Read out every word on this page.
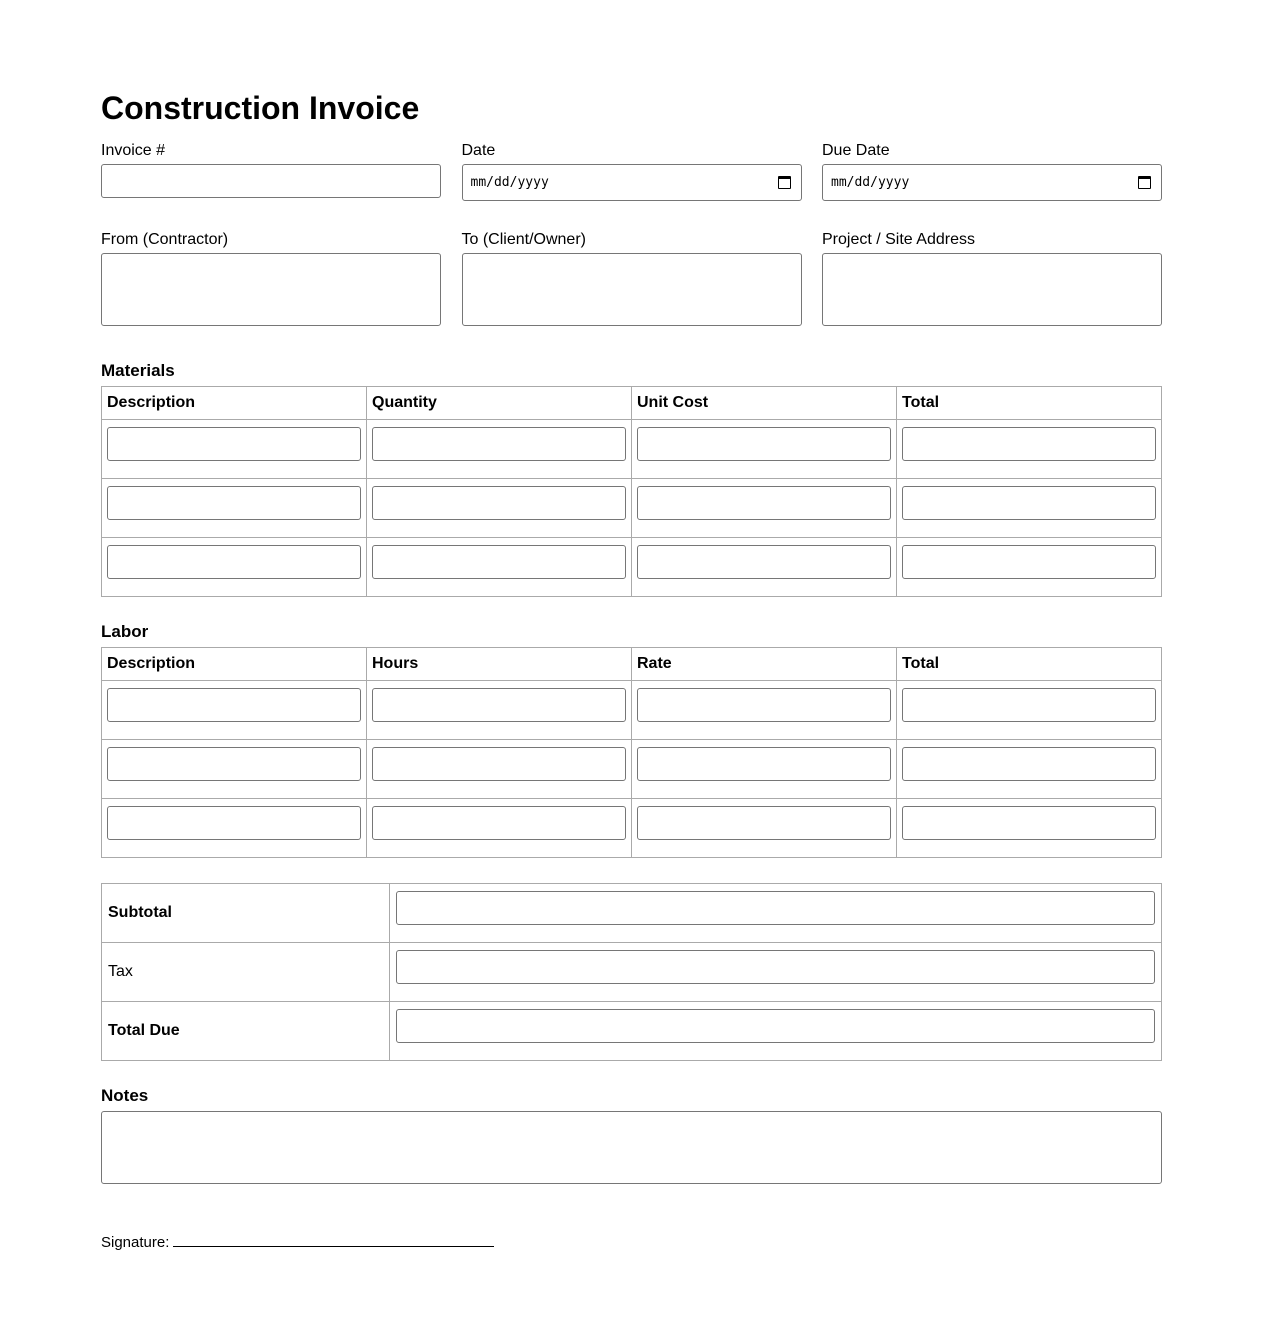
Construction Invoice
Invoice #	Date
mm/dd/yyyy
Due Date
mm/dd/yyyy
From (Contractor)	To (Client/Owner)	Project / Site Address
Materials
Description	Quantity	Unit Cost	Total

Labor
Description	Hours	Rate	Total

Subtotal	

Tax	

Total Due	
Notes
Signature:
